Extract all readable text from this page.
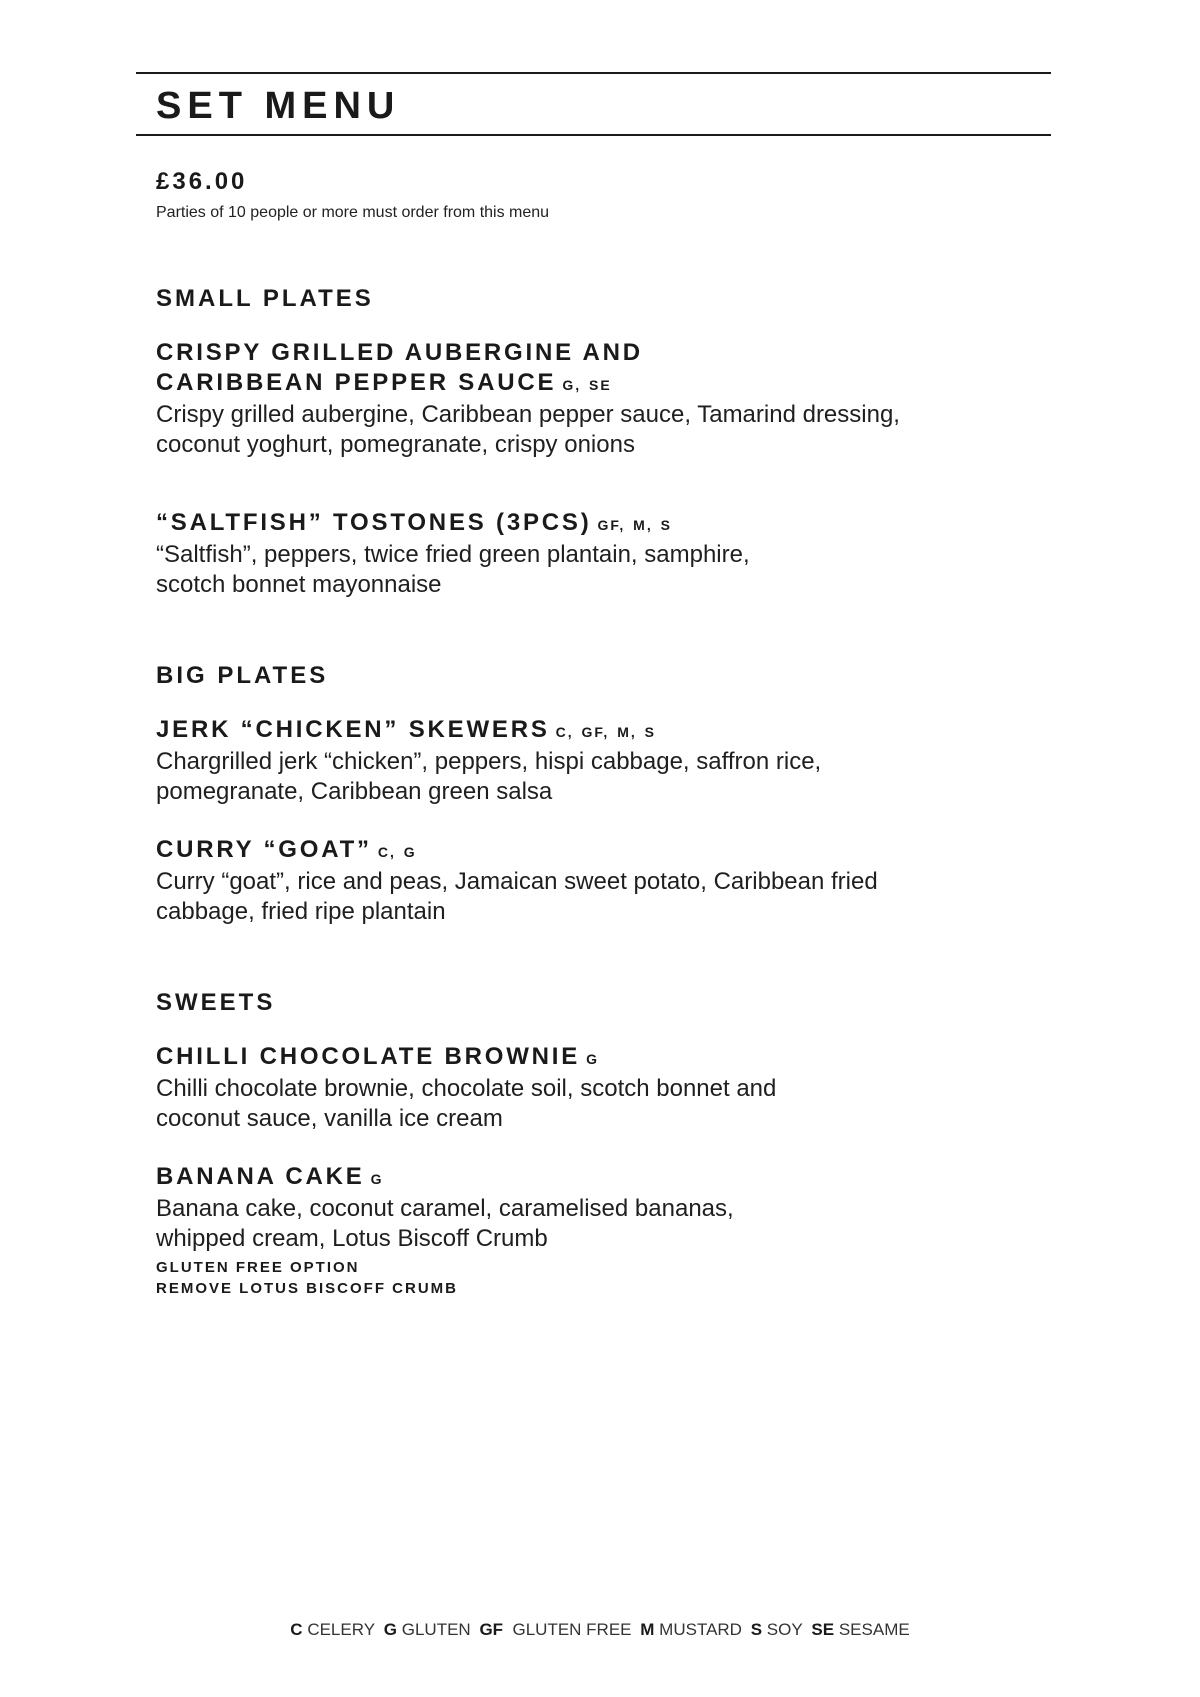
SET MENU
£36.00
Parties of 10 people or more must order from this menu
SMALL PLATES
CRISPY GRILLED AUBERGINE AND
CARIBBEAN PEPPER SAUCE G, SE
Crispy grilled aubergine, Caribbean pepper sauce, Tamarind dressing,
coconut yoghurt, pomegranate, crispy onions
“SALTFISH” TOSTONES (3PCS) GF, M, S
“Saltfish”, peppers, twice fried green plantain, samphire,
scotch bonnet mayonnaise
BIG PLATES
JERK “CHICKEN” SKEWERS C, GF, M, S
Chargrilled jerk “chicken”, peppers, hispi cabbage, saffron rice,
pomegranate, Caribbean green salsa
CURRY “GOAT” C, G
Curry “goat”, rice and peas, Jamaican sweet potato, Caribbean fried
cabbage, fried ripe plantain
SWEETS
CHILLI CHOCOLATE BROWNIE G
Chilli chocolate brownie, chocolate soil, scotch bonnet and
coconut sauce, vanilla ice cream
BANANA CAKE G
Banana cake, coconut caramel, caramelised bananas,
whipped cream, Lotus Biscoff Crumb
GLUTEN FREE OPTION
REMOVE LOTUS BISCOFF CRUMB
C CELERY G GLUTEN GF GLUTEN FREE M MUSTARD S SOY SE SESAME
